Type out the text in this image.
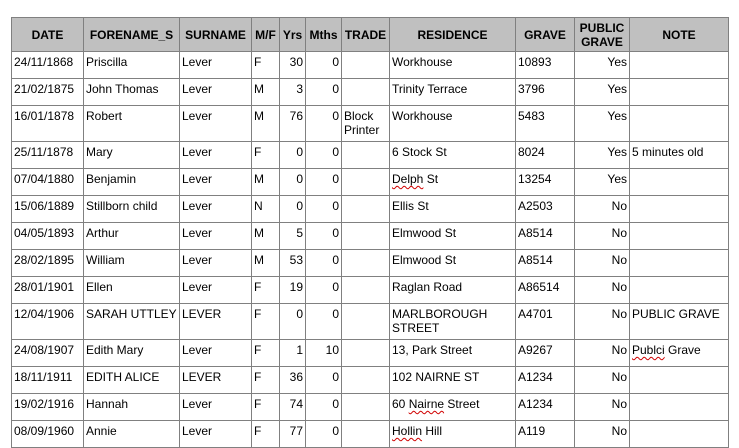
DATE	FORENAME_S	SURNAME	M/F	Yrs	Mths	TRADE	RESIDENCE	GRAVE	PUBLIC GRAVE	NOTE
24/11/1868	Priscilla	Lever	F	30	0		Workhouse	10893	Yes	
21/02/1875	John Thomas	Lever	M	3	0		Trinity Terrace	3796	Yes	
16/01/1878	Robert	Lever	M	76	0	Block Printer	Workhouse	5483	Yes	
25/11/1878	Mary	Lever	F	0	0		6 Stock St	8024	Yes	5 minutes old
07/04/1880	Benjamin	Lever	M	0	0		Delph St	13254	Yes	
15/06/1889	Stillborn child	Lever	N	0	0		Ellis St	A2503	No	
04/05/1893	Arthur	Lever	M	5	0		Elmwood St	A8514	No	
28/02/1895	William	Lever	M	53	0		Elmwood St	A8514	No	
28/01/1901	Ellen	Lever	F	19	0		Raglan Road	A86514	No	
12/04/1906	SARAH UTTLEY	LEVER	F	0	0		MARLBOROUGH STREET	A4701	No	PUBLIC GRAVE
24/08/1907	Edith Mary	Lever	F	1	10		13, Park Street	A9267	No	Publci Grave
18/11/1911	EDITH ALICE	LEVER	F	36	0		102 NAIRNE ST	A1234	No	
19/02/1916	Hannah	Lever	F	74	0		60 Nairne Street	A1234	No	
08/09/1960	Annie	Lever	F	77	0		Hollin Hill	A119	No	
